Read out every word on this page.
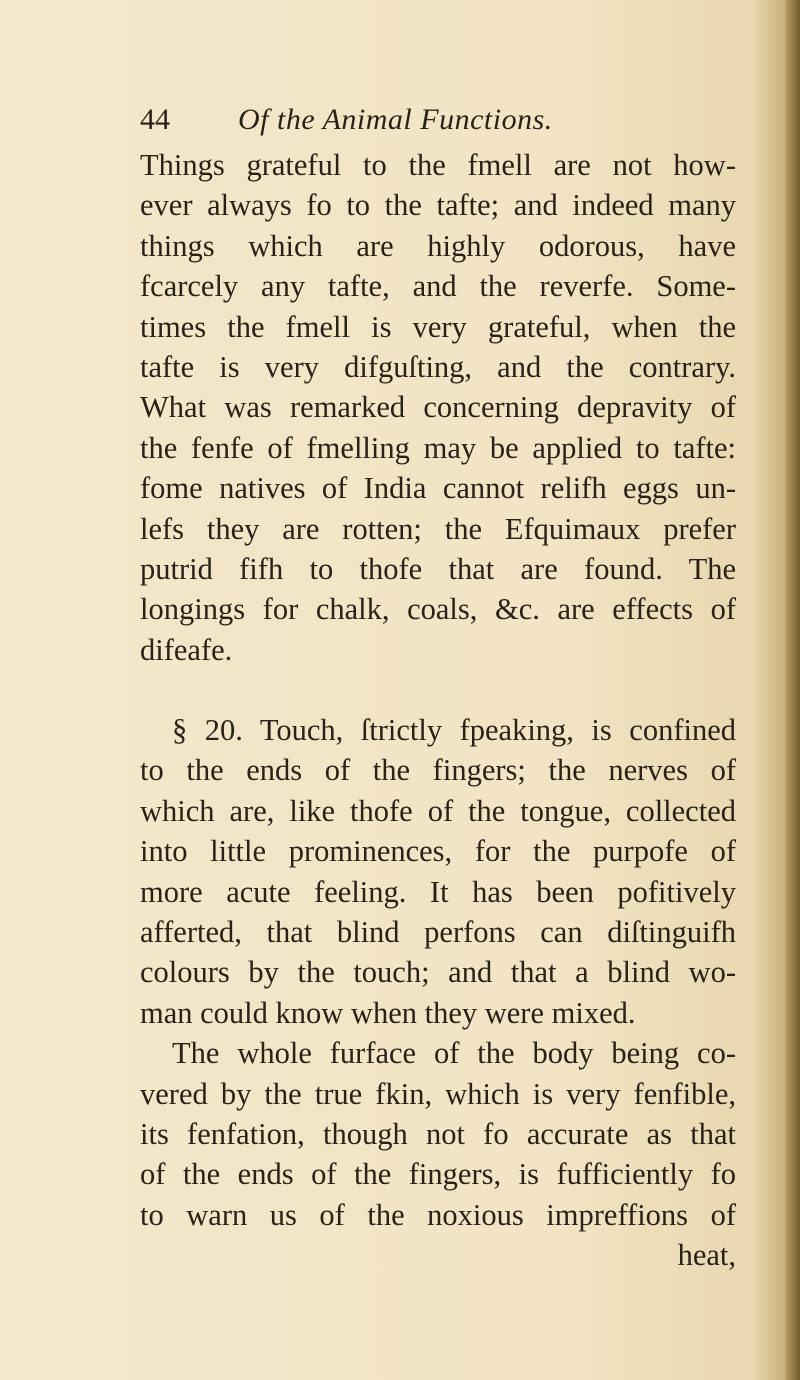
44 Of the Animal Functions.
Things grateful to the fmell are not how-
ever always fo to the tafte; and indeed many
things which are highly odorous, have
fcarcely any tafte, and the reverfe. Some-
times the fmell is very grateful, when the
tafte is very difguſting, and the contrary.
What was remarked concerning depravity of
the fenfe of fmelling may be applied to tafte:
fome natives of India cannot relifh eggs un-
lefs they are rotten; the Efquimaux prefer
putrid fifh to thofe that are found. The
longings for chalk, coals, &c. are effects of
difeafe.
§ 20. Touch, ſtrictly fpeaking, is confined
to the ends of the fingers; the nerves of
which are, like thofe of the tongue, collected
into little prominences, for the purpofe of
more acute feeling. It has been pofitively
afferted, that blind perfons can diſtinguifh
colours by the touch; and that a blind wo-
man could know when they were mixed.
The whole furface of the body being co-
vered by the true fkin, which is very fenfible,
its fenfation, though not fo accurate as that
of the ends of the fingers, is fufficiently fo
to warn us of the noxious impreffions of
heat,
